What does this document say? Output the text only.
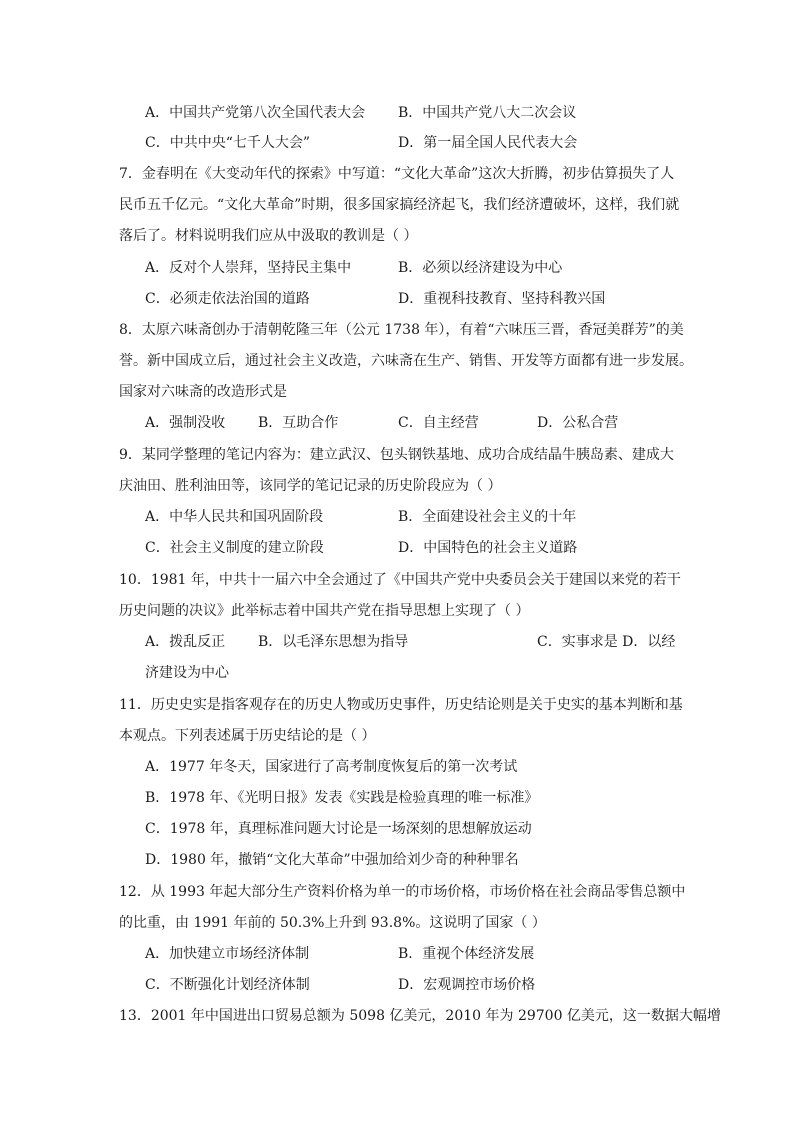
A．中国共产党第八次全国代表大会 B．中国共产党八大二次会议
C．中共中央“七千人大会”	D．第一届全国人民代表大会
7．金春明在《大变动年代的探索》中写道：“文化大革命”这次大折腾，初步估算损失了人
民币五千亿元。“文化大革命”时期，很多国家搞经济起飞，我们经济遭破坏，这样，我们就
落后了。材料说明我们应从中汲取的教训是（ ）
A．反对个人崇拜，坚持民主集中	B．必须以经济建设为中心
C．必须走依法治国的道路	D．重视科技教育、坚持科教兴国
8．太原六味斋创办于清朝乾隆三年（公元 1738 年），有着“六味压三晋，香冠美群芳”的美
誉。新中国成立后，通过社会主义改造，六味斋在生产、销售、开发等方面都有进一步发展。
国家对六味斋的改造形式是
A．强制没收 B．互助合作	C．自主经营	D．公私合营
9．某同学整理的笔记内容为：建立武汉、包头钢铁基地、成功合成结晶牛胰岛素、建成大
庆油田、胜利油田等，该同学的笔记记录的历史阶段应为（ ）
A．中华人民共和国巩固阶段	B．全面建设社会主义的十年
C．社会主义制度的建立阶段	D．中国特色的社会主义道路
10．1981 年，中共十一届六中全会通过了《中国共产党中央委员会关于建国以来党的若干
历史问题的决议》此举标志着中国共产党在指导思想上实现了（ ）
A．拨乱反正 B．以毛泽东思想为指导	C．实事求是 D．以经
济建设为中心
11．历史史实是指客观存在的历史人物或历史事件，历史结论则是关于史实的基本判断和基
本观点。下列表述属于历史结论的是（ ）
A．1977 年冬天，国家进行了高考制度恢复后的第一次考试
B．1978 年、《光明日报》发表《实践是检验真理的唯一标准》
C．1978 年，真理标准问题大讨论是一场深刻的思想解放运动
D．1980 年，撤销“文化大革命”中强加给刘少奇的种种罪名
12．从 1993 年起大部分生产资料价格为单一的市场价格，市场价格在社会商品零售总额中
的比重，由 1991 年前的 50.3%上升到 93.8%。这说明了国家（ ）
A．加快建立市场经济体制	B．重视个体经济发展
C．不断强化计划经济体制	D．宏观调控市场价格
13．2001 年中国进出口贸易总额为 5098 亿美元，2010 年为 29700 亿美元，这一数据大幅增
